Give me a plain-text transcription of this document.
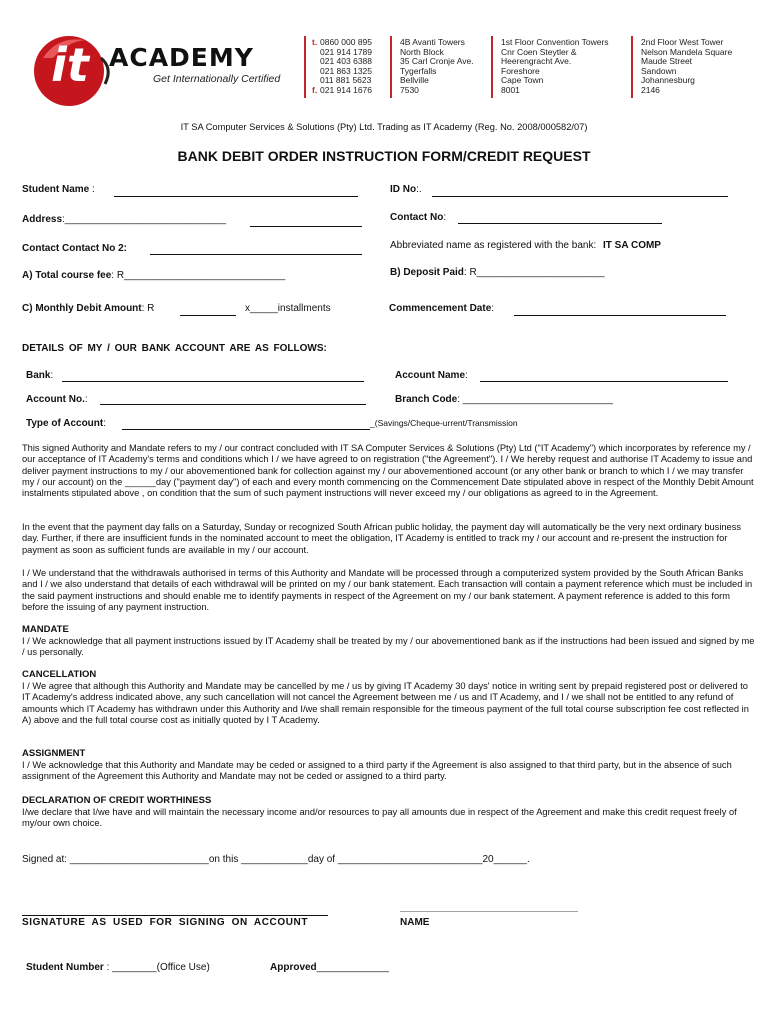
it ACADEMY
Get Internationally Certified
t. 0860 000 895
021 914 1789
021 403 6388
021 863 1325
011 881 5623
f. 021 914 1676
4B Avanti Towers
North Block
35 Carl Cronje Ave.
Tygerfalls
Bellville
7530
1st Floor Convention Towers
Cnr Coen Steytler &
Heerengracht Ave.
Foreshore
Cape Town
8001
2nd Floor West Tower
Nelson Mandela Square
Maude Street
Sandown
Johannesburg
2146
IT SA Computer Services & Solutions (Pty) Ltd. Trading as IT Academy (Reg. No. 2008/000582/07)
BANK DEBIT ORDER INSTRUCTION FORM/CREDIT REQUEST
Student Name :	ID No:.
Address:_____________________________	Contact No:
Contact Contact No 2:	Abbreviated name as registered with the bank: IT SA COMP
A) Total course fee: R_____________________________	B) Deposit Paid: R_______________________
C) Monthly Debit Amount: R	x_____installments	Commencement Date:
DETAILS OF MY / OUR BANK ACCOUNT ARE AS FOLLOWS:
Bank:	Account Name:
Account No.:	Branch Code: ___________________________
Type of Account:	_(Savings/Cheque-urrent/Transmission
This signed Authority and Mandate refers to my / our contract concluded with IT SA Computer Services & Solutions (Pty) Ltd ("IT Academy") which incorporates by reference my / our acceptance of IT Academy's terms and conditions which I / we have agreed to on registration ("the Agreement"). I / We hereby request and authorise IT Academy to issue and deliver payment instructions to my / our abovementioned bank for collection against my / our abovementioned account (or any other bank or branch to which I / we may transfer my / our account) on the ______day ("payment day") of each and every month commencing on the Commencement Date stipulated above in respect of the Monthly Debit Amount instalments stipulated above , on condition that the sum of such payment instructions will never exceed my / our obligations as agreed to in the Agreement.
In the event that the payment day falls on a Saturday, Sunday or recognized South African public holiday, the payment day will automatically be the very next ordinary business day. Further, if there are insufficient funds in the nominated account to meet the obligation, IT Academy is entitled to track my / our account and re-present the instruction for payment as soon as sufficient funds are available in my / our account.
I / We understand that the withdrawals authorised in terms of this Authority and Mandate will be processed through a computerized system provided by the South African Banks and I / we also understand that details of each withdrawal will be printed on my / our bank statement. Each transaction will contain a payment reference which must be included in the said payment instructions and should enable me to identify payments in respect of the Agreement on my / our bank statement. A payment reference is added to this form before the issuing of any payment instruction.
MANDATE
I / We acknowledge that all payment instructions issued by IT Academy shall be treated by my / our abovementioned bank as if the instructions had been issued and signed by me / us personally.
CANCELLATION
I / We agree that although this Authority and Mandate may be cancelled by me / us by giving IT Academy 30 days' notice in writing sent by prepaid registered post or delivered to IT Academy's address indicated above, any such cancellation will not cancel the Agreement between me / us and IT Academy, and I / we shall not be entitled to any refund of amounts which IT Academy has withdrawn under this Authority and I/we shall remain responsible for the timeous payment of the full total course subscription fee cost reflected in A) above and the full total course cost as initially quoted by I T Academy.
ASSIGNMENT
I / We acknowledge that this Authority and Mandate may be ceded or assigned to a third party if the Agreement is also assigned to that third party, but in the absence of such assignment of the Agreement this Authority and Mandate may not be ceded or assigned to a third party.
DECLARATION OF CREDIT WORTHINESS
I/we declare that I/we have and will maintain the necessary income and/or resources to pay all amounts due in respect of the Agreement and make this credit request freely of my/our own choice.
Signed at: _________________________on this ____________day of __________________________20______.
SIGNATURE AS USED FOR SIGNING ON ACCOUNT
________________________________
NAME
Student Number : ________(Office Use)	Approved_____________
